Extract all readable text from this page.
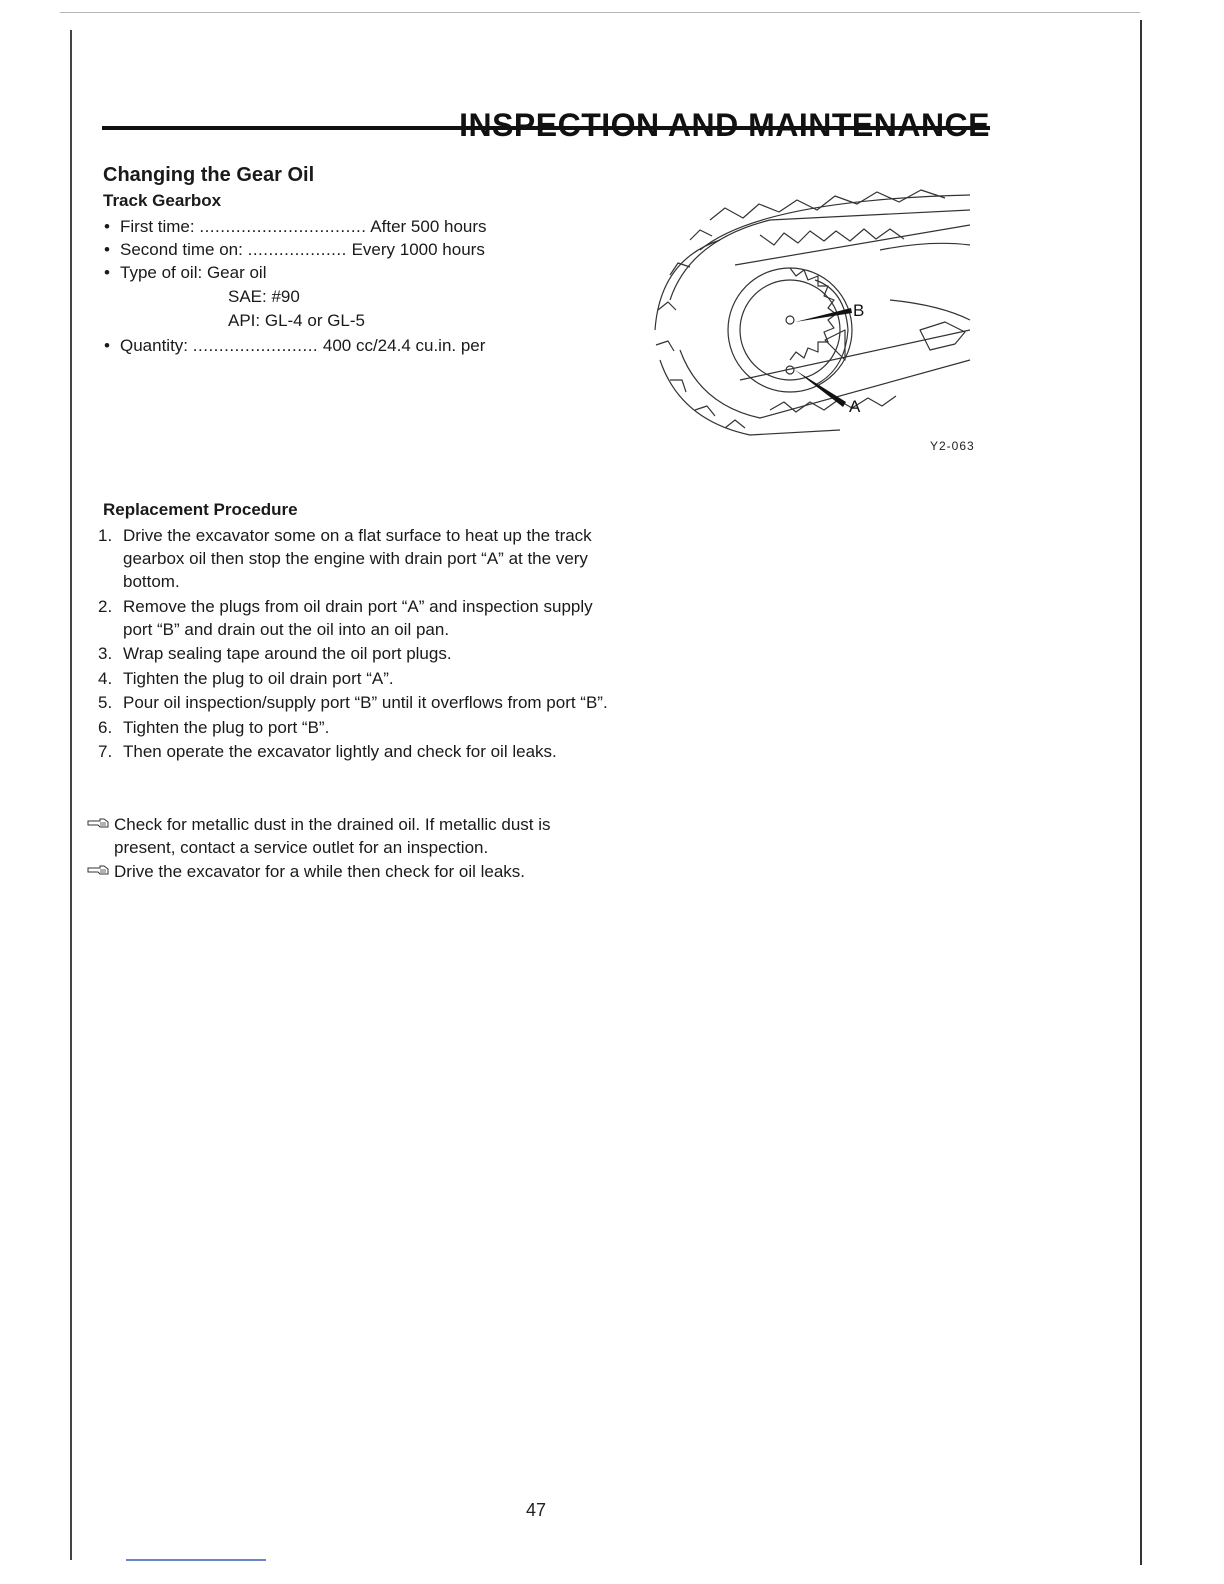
Changing the Gear Oil
Track Gearbox
• First time: ................................ After 500 hours
• Second time on: ................... Every 1000 hours
• Type of oil: Gear oil
SAE: #90
API: GL-4 or GL-5
• Quantity: ........................ 400 cc/24.4 cu.in. per
B
A
Y2-063
Replacement Procedure
1. Drive the excavator some on a flat surface to heat up the track gearbox oil then stop the engine with drain port “A” at the very bottom.
2. Remove the plugs from oil drain port “A” and inspection supply port “B” and drain out the oil into an oil pan.
3. Wrap sealing tape around the oil port plugs.
4. Tighten the plug to oil drain port “A”.
5. Pour oil inspection/supply port “B” until it overflows from port “B”.
6. Tighten the plug to port “B”.
7. Then operate the excavator lightly and check for oil leaks.
Check for metallic dust in the drained oil. If metallic dust is present, contact a service outlet for an inspection.
Drive the excavator for a while then check for oil leaks.
47
